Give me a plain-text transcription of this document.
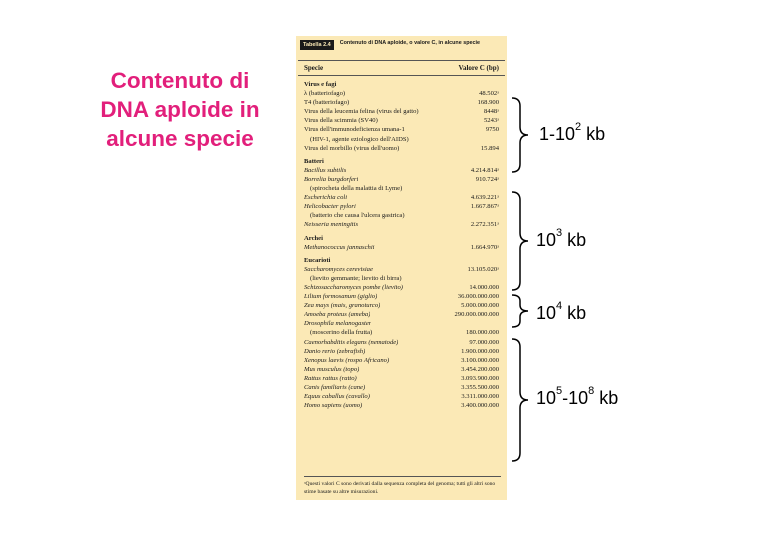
Contenuto di
DNA aploide in
alcune specie
Tabella 2.4	Contenuto di DNA aploide, o valore C, in alcune specie
Specie	Valore C (bp)
Virus e fagi
λ (batteriofago)	48.502ᵃ
T4 (batteriofago)	168.900
Virus della leucemia felina (virus del gatto)	8448ᵃ
Virus della scimmia (SV40)	5243ᵃ
Virus dell'immunodeficienza umana-1	9750
(HIV-1, agente eziologico dell'AIDS)
Virus del morbillo (virus dell'uomo)	15.894
Batteri
Bacillus subtilis	4.214.814ᵃ
Borrelia burgdorferi	910.724ᵃ
(spirocheta della malattia di Lyme)
Escherichia coli	4.639.221ᵃ
Helicobacter pylori	1.667.867ᵃ
(batterio che causa l'ulcera gastrica)
Neisseria meningitis	2.272.351ᵃ
Archei
Methanococcus jannaschii	1.664.970ᵃ
Eucarioti
Saccharomyces cerevisiae	13.105.020ᵃ
(lievito gemmante; lievito di birra)
Schizosaccharomyces pombe (lievito)	14.000.000
Lilium formosanum (giglio)	36.000.000.000
Zea mays (mais, granoturco)	5.000.000.000
Amoeba proteus (ameba)	290.000.000.000
Drosophila melanogaster
(moscerino della frutta)	180.000.000
Caenorhabditis elegans (nematode)	97.000.000
Danio rerio (zebrafish)	1.900.000.000
Xenopus laevis (rospo Africano)	3.100.000.000
Mus musculus (topo)	3.454.200.000
Rattus rattus (ratto)	3.093.900.000
Canis familiaris (cane)	3.355.500.000
Equus caballus (cavallo)	3.311.000.000
Homo sapiens (uomo)	3.400.000.000
ᵃQuesti valori C sono derivati dalla sequenza completa del genoma; tutti gli altri sono stime basate su altre misurazioni.
$1-10^2$ kb
$10^3$ kb
$10^4$ kb
$10^5-10^8$ kb
